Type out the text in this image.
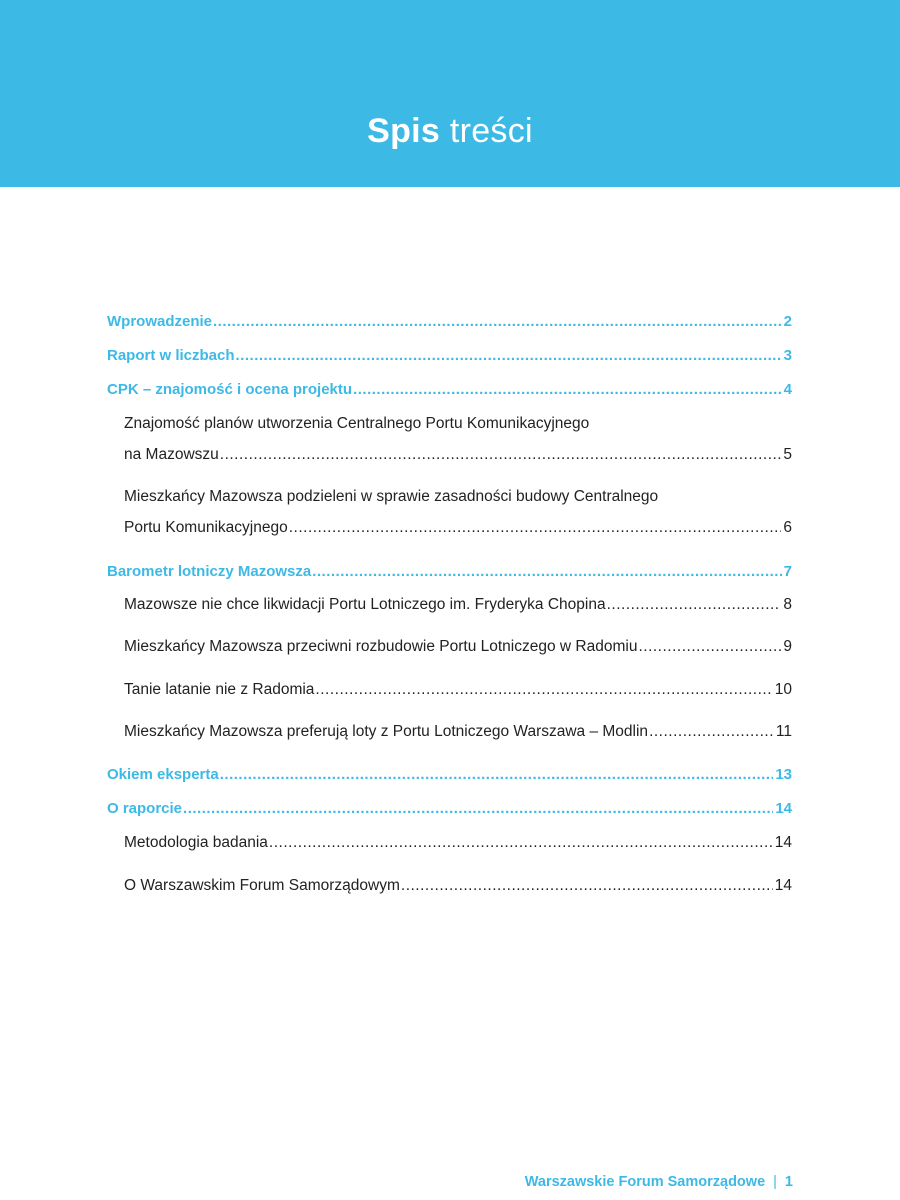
Spis treści
Wprowadzenie .....	2
Raport w liczbach .....	3
CPK – znajomość i ocena projektu .....	4
Znajomość planów utworzenia Centralnego Portu Komunikacyjnego
na Mazowszu .....	5
Mieszkańcy Mazowsza podzieleni w sprawie zasadności budowy Centralnego
Portu Komunikacyjnego .....	6
Barometr lotniczy Mazowsza .....	7
Mazowsze nie chce likwidacji Portu Lotniczego im. Fryderyka Chopina .....	8
Mieszkańcy Mazowsza przeciwni rozbudowie Portu Lotniczego w Radomiu .....	9
Tanie latanie nie z Radomia .....	10
Mieszkańcy Mazowsza preferują loty z Portu Lotniczego Warszawa – Modlin .....	11
Okiem eksperta .....	13
O raporcie .....	14
Metodologia badania .....	14
O Warszawskim Forum Samorządowym .....	14
Warszawskie Forum Samorządowe | 1
